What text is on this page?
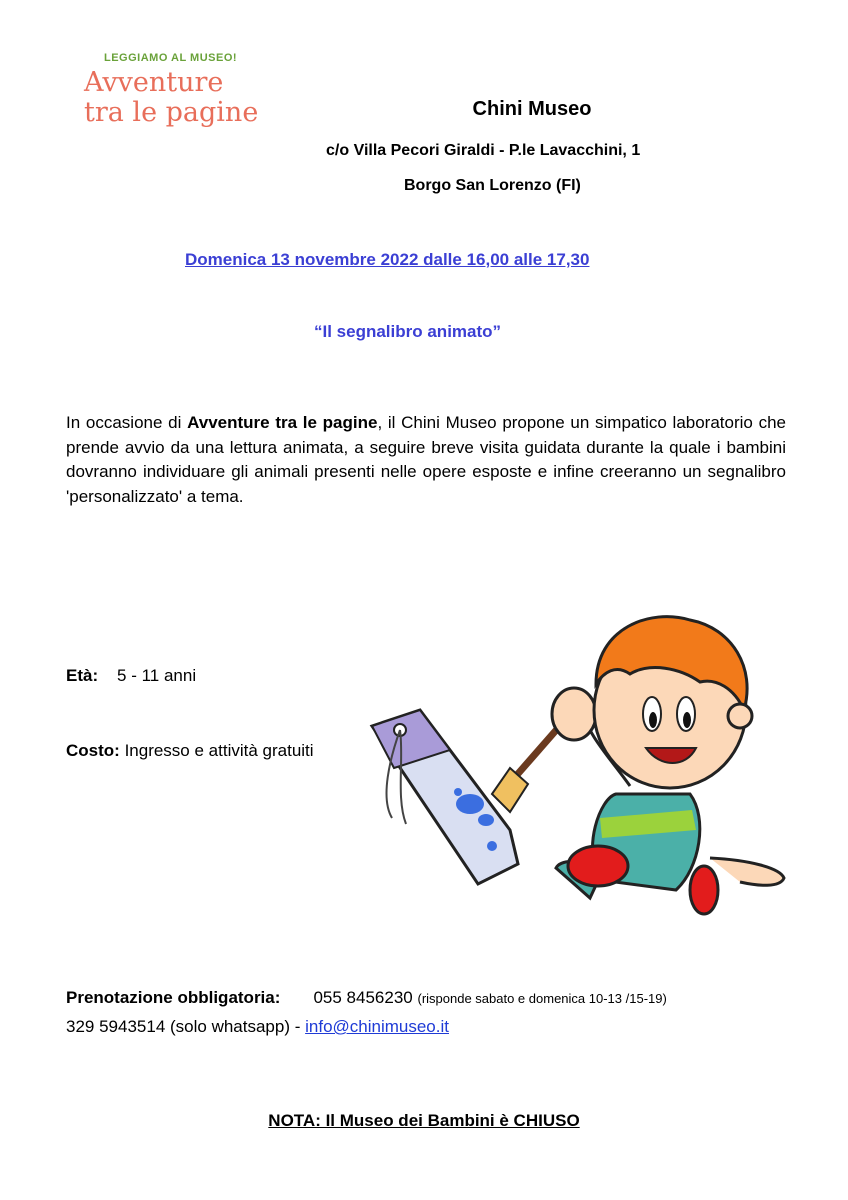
LEGGIAMO AL MUSEO!
Avventure
tra le pagine	Chini Museo
c/o Villa Pecori Giraldi - P.le Lavacchini, 1
Borgo San Lorenzo (FI)
Domenica 13 novembre 2022 dalle 16,00 alle 17,30
“Il segnalibro animato”
In occasione di Avventure tra le pagine, il Chini Museo propone un simpatico laboratorio che prende avvio da una lettura animata, a seguire breve visita guidata durante la quale i bambini dovranno individuare gli animali presenti nelle opere esposte e infine creeranno un segnalibro 'personalizzato' a tema.
Età: 5 - 11 anni
Costo: Ingresso e attività gratuiti
Prenotazione obbligatoria: 055 8456230 (risponde sabato e domenica 10-13 /15-19)
329 5943514 (solo whatsapp) - info@chinimuseo.it
NOTA: Il Museo dei Bambini è CHIUSO
